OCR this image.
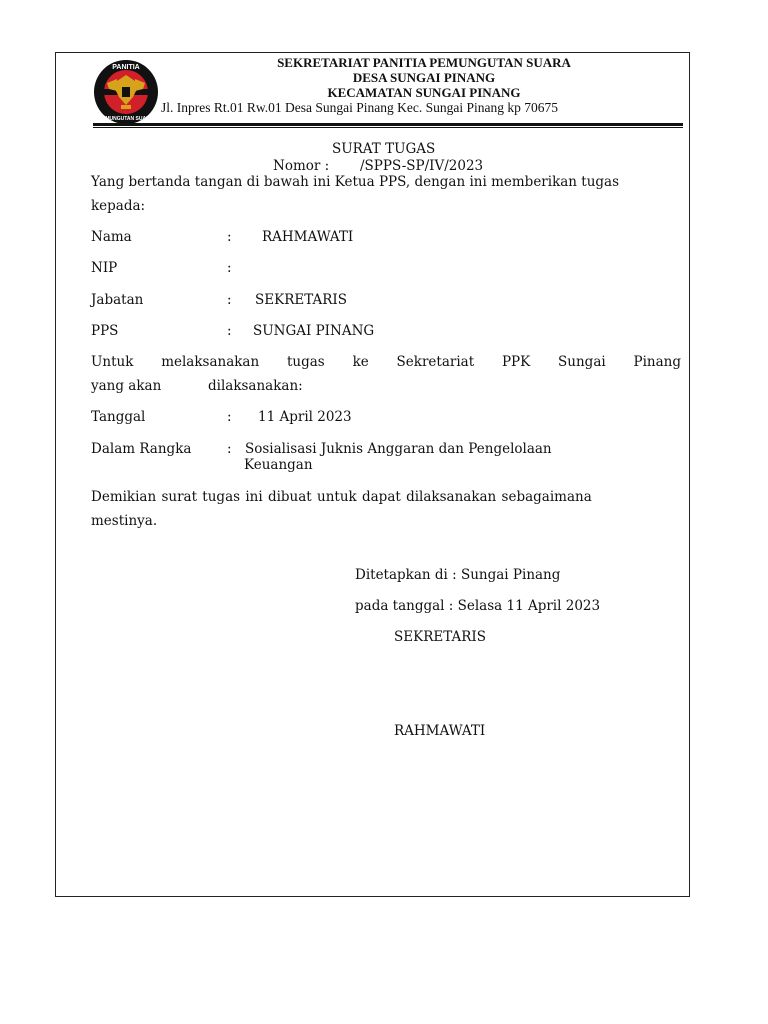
PANITIA
PEMUNGUTAN SUARA
SEKRETARIAT PANITIA PEMUNGUTAN SUARA
DESA SUNGAI PINANG
KECAMATAN SUNGAI PINANG
Jl. Inpres Rt.01 Rw.01 Desa Sungai Pinang Kec. Sungai Pinang kp 70675
SURAT TUGAS
Nomor : /SPPS-SP/IV/2023
Yang bertanda tangan di bawah ini Ketua PPS, dengan ini memberikan tugas
kepada:
Nama	: RAHMAWATI
NIP	:
Jabatan	: SEKRETARIS
PPS	: SUNGAI PINANG
Untuk melaksanakan tugas ke Sekretariat PPK Sungai Pinang
yang akan	dilaksanakan:
Tanggal	: 11 April 2023
Dalam Rangka	: Sosialisasi Juknis Anggaran dan Pengelolaan
Keuangan
Demikian surat tugas ini dibuat untuk dapat dilaksanakan sebagaimana
mestinya.
Ditetapkan di : Sungai Pinang
pada tanggal : Selasa 11 April 2023
SEKRETARIS
RAHMAWATI
